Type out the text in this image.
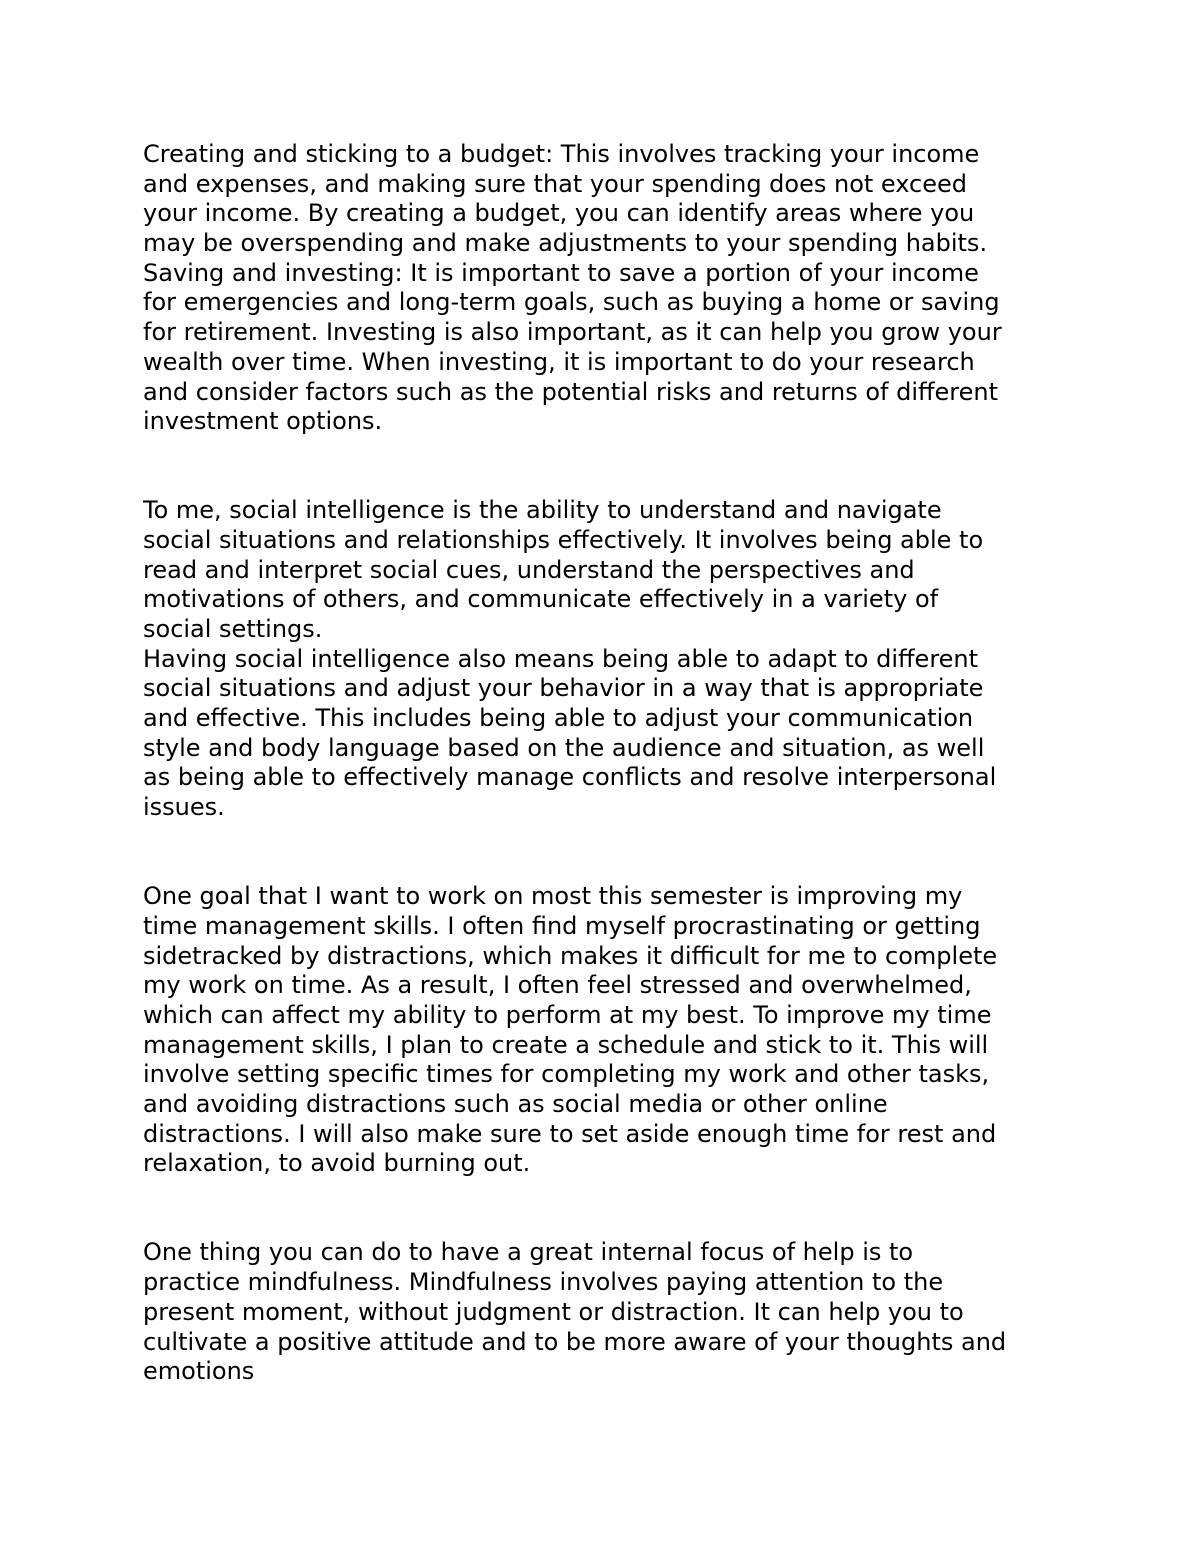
Creating and sticking to a budget: This involves tracking your income
and expenses, and making sure that your spending does not exceed
your income. By creating a budget, you can identify areas where you
may be overspending and make adjustments to your spending habits.
Saving and investing: It is important to save a portion of your income
for emergencies and long-term goals, such as buying a home or saving
for retirement. Investing is also important, as it can help you grow your
wealth over time. When investing, it is important to do your research
and consider factors such as the potential risks and returns of different
investment options.
To me, social intelligence is the ability to understand and navigate
social situations and relationships effectively. It involves being able to
read and interpret social cues, understand the perspectives and
motivations of others, and communicate effectively in a variety of
social settings.
Having social intelligence also means being able to adapt to different
social situations and adjust your behavior in a way that is appropriate
and effective. This includes being able to adjust your communication
style and body language based on the audience and situation, as well
as being able to effectively manage conflicts and resolve interpersonal
issues.
One goal that I want to work on most this semester is improving my
time management skills. I often find myself procrastinating or getting
sidetracked by distractions, which makes it difficult for me to complete
my work on time. As a result, I often feel stressed and overwhelmed,
which can affect my ability to perform at my best. To improve my time
management skills, I plan to create a schedule and stick to it. This will
involve setting specific times for completing my work and other tasks,
and avoiding distractions such as social media or other online
distractions. I will also make sure to set aside enough time for rest and
relaxation, to avoid burning out.
One thing you can do to have a great internal focus of help is to
practice mindfulness. Mindfulness involves paying attention to the
present moment, without judgment or distraction. It can help you to
cultivate a positive attitude and to be more aware of your thoughts and
emotions
